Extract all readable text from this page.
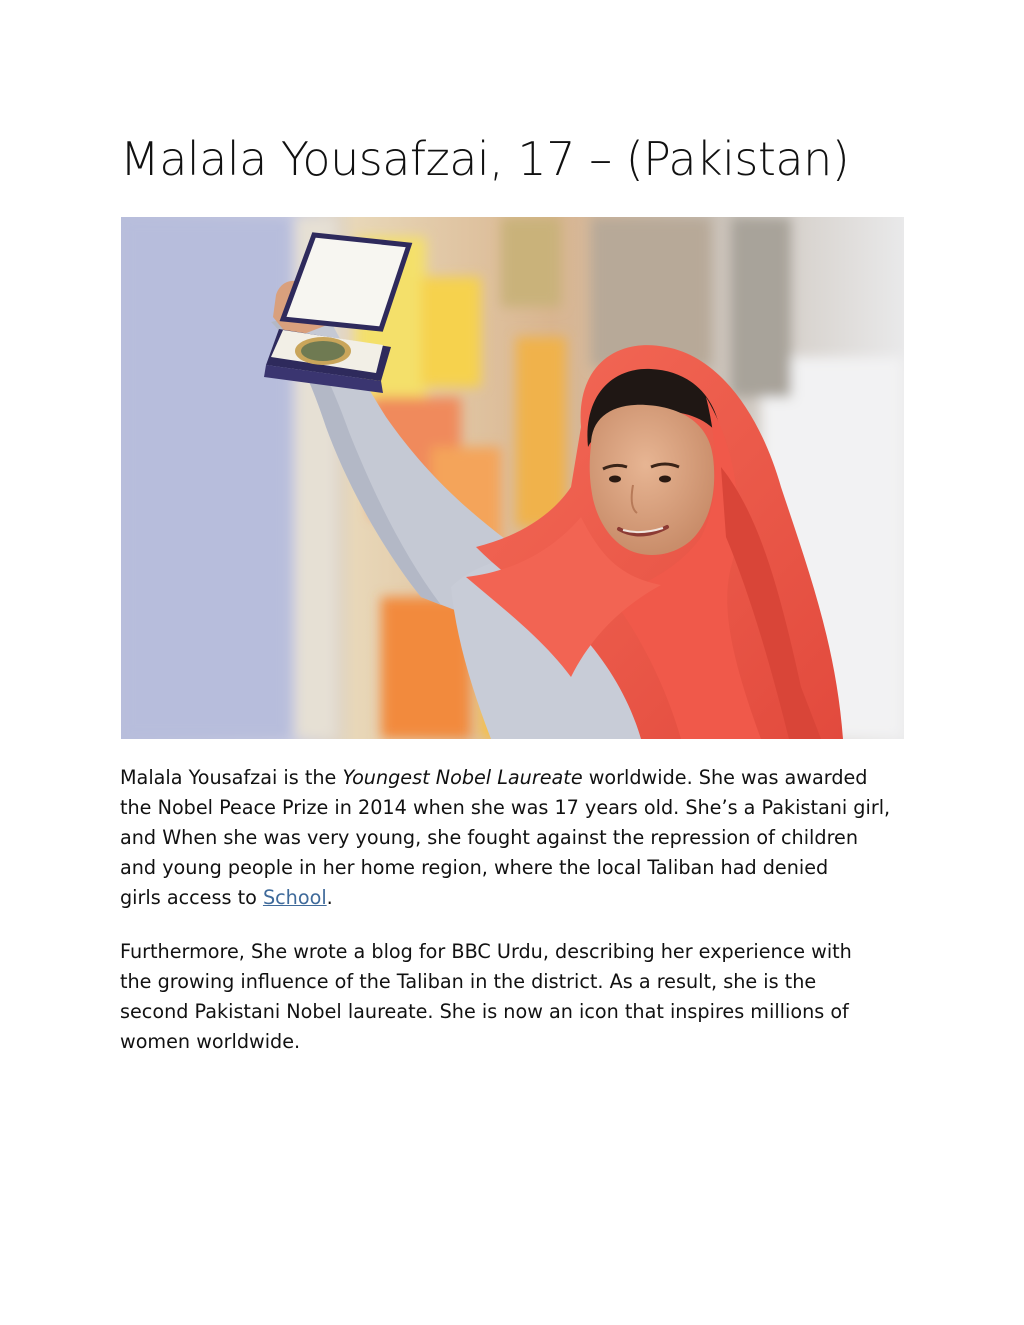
Malala Yousafzai, 17 – (Pakistan)

Malala Yousafzai is the Youngest Nobel Laureate worldwide. She was awarded
the Nobel Peace Prize in 2014 when she was 17 years old. She’s a Pakistani girl,
and When she was very young, she fought against the repression of children
and young people in her home region, where the local Taliban had denied
girls access to School.

Furthermore, She wrote a blog for BBC Urdu, describing her experience with
the growing influence of the Taliban in the district. As a result, she is the
second Pakistani Nobel laureate. She is now an icon that inspires millions of
women worldwide.
